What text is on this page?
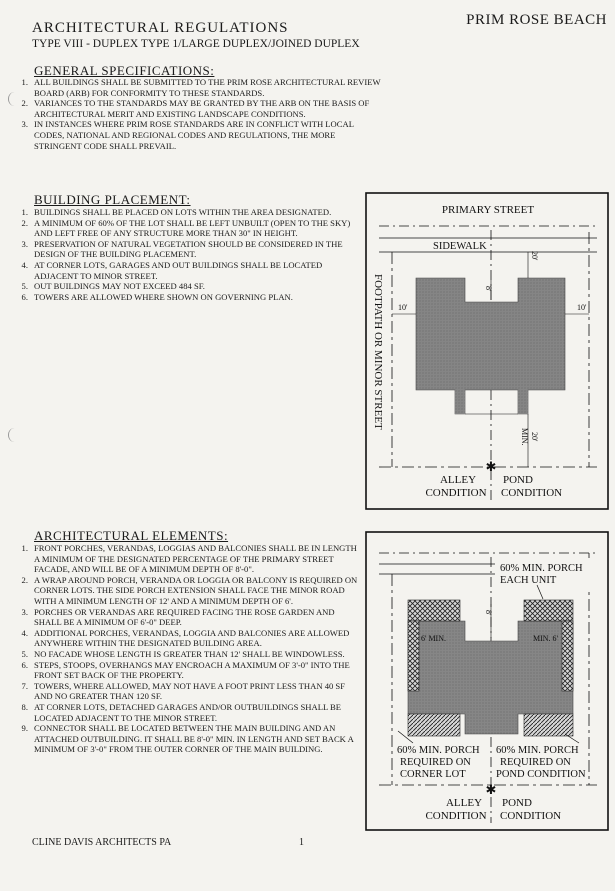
ARCHITECTURAL REGULATIONS
TYPE VIII - DUPLEX TYPE 1/LARGE DUPLEX/JOINED DUPLEX
PRIM ROSE BEACH
GENERAL SPECIFICATIONS:
1. ALL BUILDINGS SHALL BE SUBMITTED TO THE PRIM ROSE ARCHITECTURAL REVIEW BOARD (ARB) FOR CONFORMITY TO THESE STANDARDS.
2. VARIANCES TO THE STANDARDS MAY BE GRANTED BY THE ARB ON THE BASIS OF ARCHITECTURAL MERIT AND EXISTING LANDSCAPE CONDITIONS.
3. IN INSTANCES WHERE PRIM ROSE STANDARDS ARE IN CONFLICT WITH LOCAL CODES, NATIONAL AND REGIONAL CODES AND REGULATIONS, THE MORE STRINGENT CODE SHALL PREVAIL.
BUILDING PLACEMENT:
1. BUILDINGS SHALL BE PLACED ON LOTS WITHIN THE AREA DESIGNATED.
2. A MINIMUM OF 60% OF THE LOT SHALL BE LEFT UNBUILT (OPEN TO THE SKY) AND LEFT FREE OF ANY STRUCTURE MORE THAN 30" IN HEIGHT.
3. PRESERVATION OF NATURAL VEGETATION SHOULD BE CONSIDERED IN THE DESIGN OF THE BUILDING PLACEMENT.
4. AT CORNER LOTS, GARAGES AND OUT BUILDINGS SHALL BE LOCATED ADJACENT TO MINOR STREET.
5. OUT BUILDINGS MAY NOT EXCEED 484 SF.
6. TOWERS ARE ALLOWED WHERE SHOWN ON GOVERNING PLAN.
ARCHITECTURAL ELEMENTS:
1. FRONT PORCHES, VERANDAS, LOGGIAS AND BALCONIES SHALL BE IN LENGTH A MINIMUM OF THE DESIGNATED PERCENTAGE OF THE PRIMARY STREET FACADE, AND WILL BE OF A MINIMUM DEPTH OF 8'-0".
2. A WRAP AROUND PORCH, VERANDA OR LOGGIA OR BALCONY IS REQUIRED ON CORNER LOTS. THE SIDE PORCH EXTENSION SHALL FACE THE MINOR ROAD WITH A MINIMUM LENGTH OF 12' AND A MINIMUM DEPTH OF 6'.
3. PORCHES OR VERANDAS ARE REQUIRED FACING THE ROSE GARDEN AND SHALL BE A MINIMUM OF 6'-0" DEEP.
4. ADDITIONAL PORCHES, VERANDAS, LOGGIA AND BALCONIES ARE ALLOWED ANYWHERE WITHIN THE DESIGNATED BUILDING AREA.
5. NO FACADE WHOSE LENGTH IS GREATER THAN 12' SHALL BE WINDOWLESS.
6. STEPS, STOOPS, OVERHANGS MAY ENCROACH A MAXIMUM OF 3'-0" INTO THE FRONT SET BACK OF THE PROPERTY.
7. TOWERS, WHERE ALLOWED, MAY NOT HAVE A FOOT PRINT LESS THAN 40 SF AND NO GREATER THAN 120 SF.
8. AT CORNER LOTS, DETACHED GARAGES AND/OR OUTBUILDINGS SHALL BE LOCATED ADJACENT TO THE MINOR STREET.
9. CONNECTOR SHALL BE LOCATED BETWEEN THE MAIN BUILDING AND AN ATTACHED OUTBUILDING. IT SHALL BE 8'-0" MIN. IN LENGTH AND SET BACK A MINIMUM OF 3'-0" FROM THE OUTER CORNER OF THE MAIN BUILDING.
PRIMARY STREET
SIDEWALK
FOOTPATH OR MINOR STREET
20'
8'
10'	10'
20'
MIN.
✱
ALLEY
CONDITION
POND
CONDITION
60% MIN. PORCH
EACH UNIT
8'
6' MIN.	MIN. 6'
60% MIN. PORCH
REQUIRED ON
CORNER LOT
60% MIN. PORCH
REQUIRED ON
POND CONDITION
✱
ALLEY
CONDITION
POND
CONDITION
CLINE DAVIS ARCHITECTS PA	1
